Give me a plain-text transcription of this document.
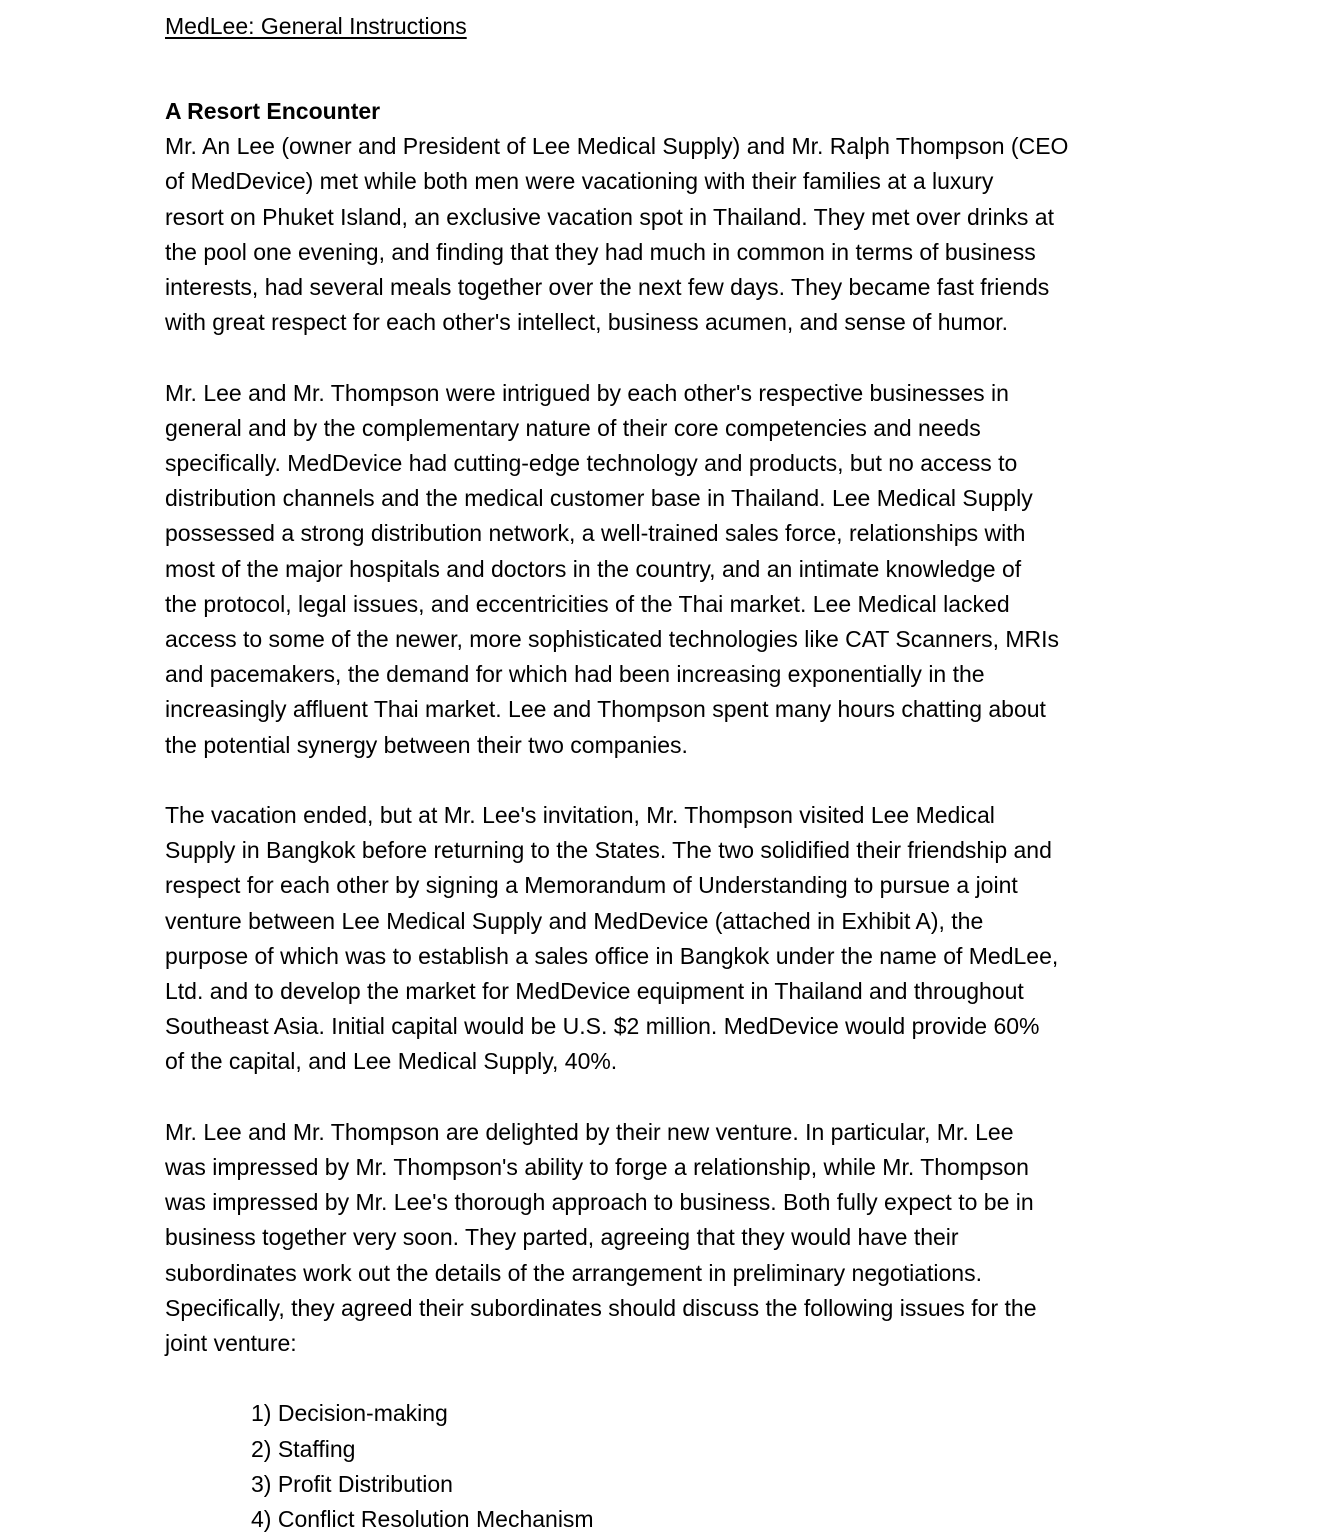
MedLee: General Instructions
A Resort Encounter

Mr. An Lee (owner and President of Lee Medical Supply) and Mr. Ralph Thompson (CEO
of MedDevice) met while both men were vacationing with their families at a luxury
resort on Phuket Island, an exclusive vacation spot in Thailand. They met over drinks at
the pool one evening, and finding that they had much in common in terms of business
interests, had several meals together over the next few days. They became fast friends
with great respect for each other's intellect, business acumen, and sense of humor.

Mr. Lee and Mr. Thompson were intrigued by each other's respective businesses in
general and by the complementary nature of their core competencies and needs
specifically. MedDevice had cutting-edge technology and products, but no access to
distribution channels and the medical customer base in Thailand. Lee Medical Supply
possessed a strong distribution network, a well-trained sales force, relationships with
most of the major hospitals and doctors in the country, and an intimate knowledge of
the protocol, legal issues, and eccentricities of the Thai market. Lee Medical lacked
access to some of the newer, more sophisticated technologies like CAT Scanners, MRIs
and pacemakers, the demand for which had been increasing exponentially in the
increasingly affluent Thai market. Lee and Thompson spent many hours chatting about
the potential synergy between their two companies.

The vacation ended, but at Mr. Lee's invitation, Mr. Thompson visited Lee Medical
Supply in Bangkok before returning to the States. The two solidified their friendship and
respect for each other by signing a Memorandum of Understanding to pursue a joint
venture between Lee Medical Supply and MedDevice (attached in Exhibit A), the
purpose of which was to establish a sales office in Bangkok under the name of MedLee,
Ltd. and to develop the market for MedDevice equipment in Thailand and throughout
Southeast Asia. Initial capital would be U.S. $2 million. MedDevice would provide 60%
of the capital, and Lee Medical Supply, 40%.

Mr. Lee and Mr. Thompson are delighted by their new venture. In particular, Mr. Lee
was impressed by Mr. Thompson's ability to forge a relationship, while Mr. Thompson
was impressed by Mr. Lee's thorough approach to business. Both fully expect to be in
business together very soon. They parted, agreeing that they would have their
subordinates work out the details of the arrangement in preliminary negotiations.
Specifically, they agreed their subordinates should discuss the following issues for the
joint venture:

1) Decision-making
2) Staffing
3) Profit Distribution
4) Conflict Resolution Mechanism
